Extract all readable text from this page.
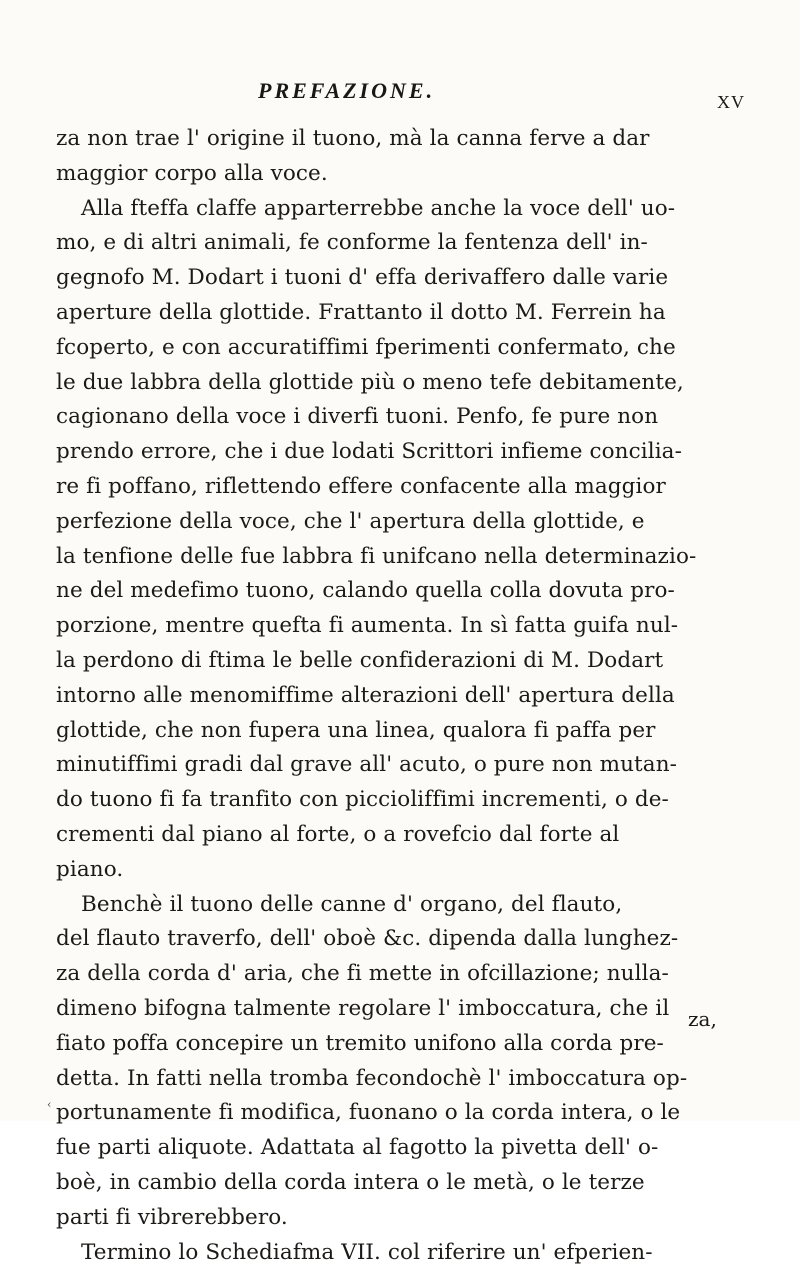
PREFAZIONE.	XV
za non trae l' origine il tuono, mà la canna ferve a dar
maggior corpo alla voce.
Alla fteffa claffe apparterrebbe anche la voce dell' uo-
mo, e di altri animali, fe conforme la fentenza dell' in-
gegnofo M. Dodart i tuoni d' effa derivaffero dalle varie
aperture della glottide. Frattanto il dotto M. Ferrein ha
fcoperto, e con accuratiffimi fperimenti confermato, che
le due labbra della glottide più o meno tefe debitamente,
cagionano della voce i diverfi tuoni. Penfo, fe pure non
prendo errore, che i due lodati Scrittori infieme concilia-
re fi poffano, riflettendo effere confacente alla maggior
perfezione della voce, che l' apertura della glottide, e
la tenfione delle fue labbra fi unifcano nella determinazio-
ne del medefimo tuono, calando quella colla dovuta pro-
porzione, mentre quefta fi aumenta. In sì fatta guifa nul-
la perdono di ftima le belle confiderazioni di M. Dodart
intorno alle menomiffime alterazioni dell' apertura della
glottide, che non fupera una linea, qualora fi paffa per
minutiffimi gradi dal grave all' acuto, o pure non mutan-
do tuono fi fa tranfito con piccioliffimi incrementi, o de-
crementi dal piano al forte, o a rovefcio dal forte al
piano.
Benchè il tuono delle canne d' organo, del flauto,
del flauto traverfo, dell' oboè &c. dipenda dalla lunghez-
za della corda d' aria, che fi mette in ofcillazione; nulla-
dimeno bifogna talmente regolare l' imboccatura, che il
fiato poffa concepire un tremito unifono alla corda pre-
detta. In fatti nella tromba fecondochè l' imboccatura op-
portunamente fi modifica, fuonano o la corda intera, o le
fue parti aliquote. Adattata al fagotto la pivetta dell' o-
boè, in cambio della corda intera o le metà, o le terze
parti fi vibrerebbero.
Termino lo Schediafma VII. col riferire un' efperien-
za,
‹
